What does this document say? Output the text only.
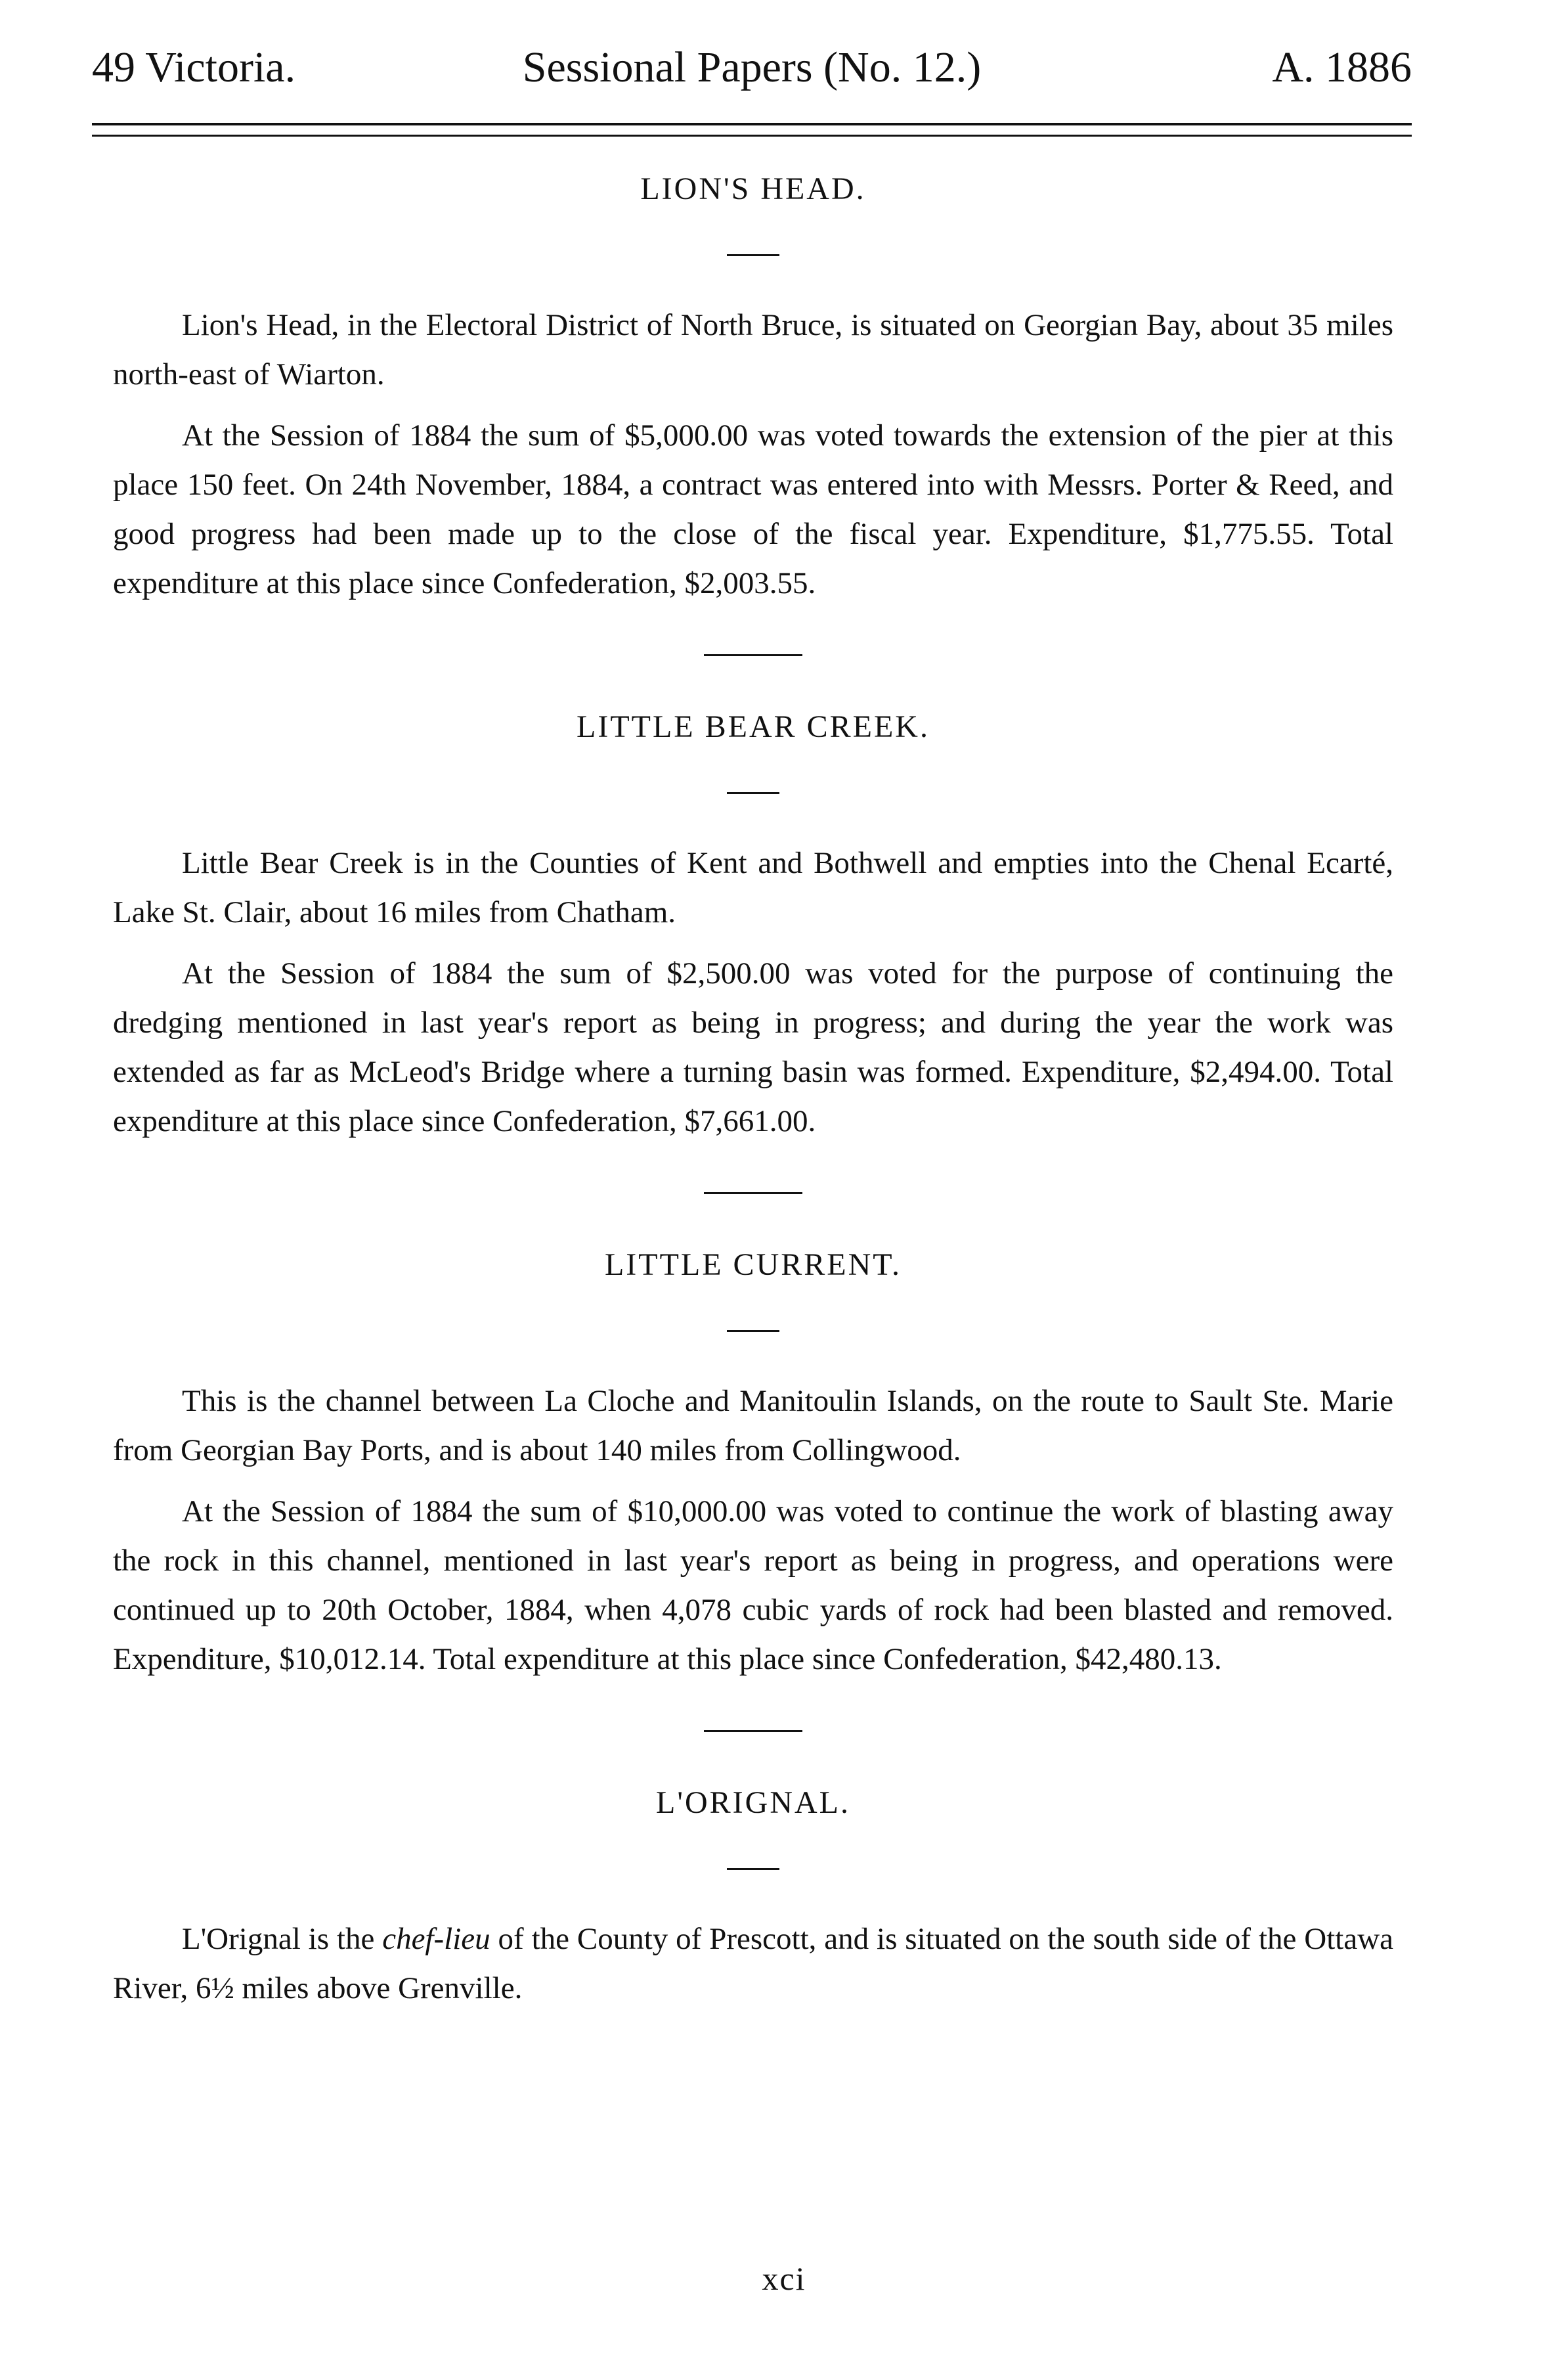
49 Victoria.	Sessional Papers (No. 12.)	A. 1886
LION'S HEAD.

Lion's Head, in the Electoral District of North Bruce, is situated on Georgian Bay, about 35 miles north-east of Wiarton.

At the Session of 1884 the sum of $5,000.00 was voted towards the extension of the pier at this place 150 feet. On 24th November, 1884, a contract was entered into with Messrs. Porter & Reed, and good progress had been made up to the close of the fiscal year. Expenditure, $1,775.55. Total expenditure at this place since Confederation, $2,003.55.

LITTLE BEAR CREEK.

Little Bear Creek is in the Counties of Kent and Bothwell and empties into the Chenal Ecarté, Lake St. Clair, about 16 miles from Chatham.

At the Session of 1884 the sum of $2,500.00 was voted for the purpose of continuing the dredging mentioned in last year's report as being in progress; and during the year the work was extended as far as McLeod's Bridge where a turning basin was formed. Expenditure, $2,494.00. Total expenditure at this place since Confederation, $7,661.00.

LITTLE CURRENT.

This is the channel between La Cloche and Manitoulin Islands, on the route to Sault Ste. Marie from Georgian Bay Ports, and is about 140 miles from Collingwood.

At the Session of 1884 the sum of $10,000.00 was voted to continue the work of blasting away the rock in this channel, mentioned in last year's report as being in progress, and operations were continued up to 20th October, 1884, when 4,078 cubic yards of rock had been blasted and removed. Expenditure, $10,012.14. Total expenditure at this place since Confederation, $42,480.13.

L'ORIGNAL.

L'Orignal is the chef-lieu of the County of Prescott, and is situated on the south side of the Ottawa River, 6½ miles above Grenville.

xci
